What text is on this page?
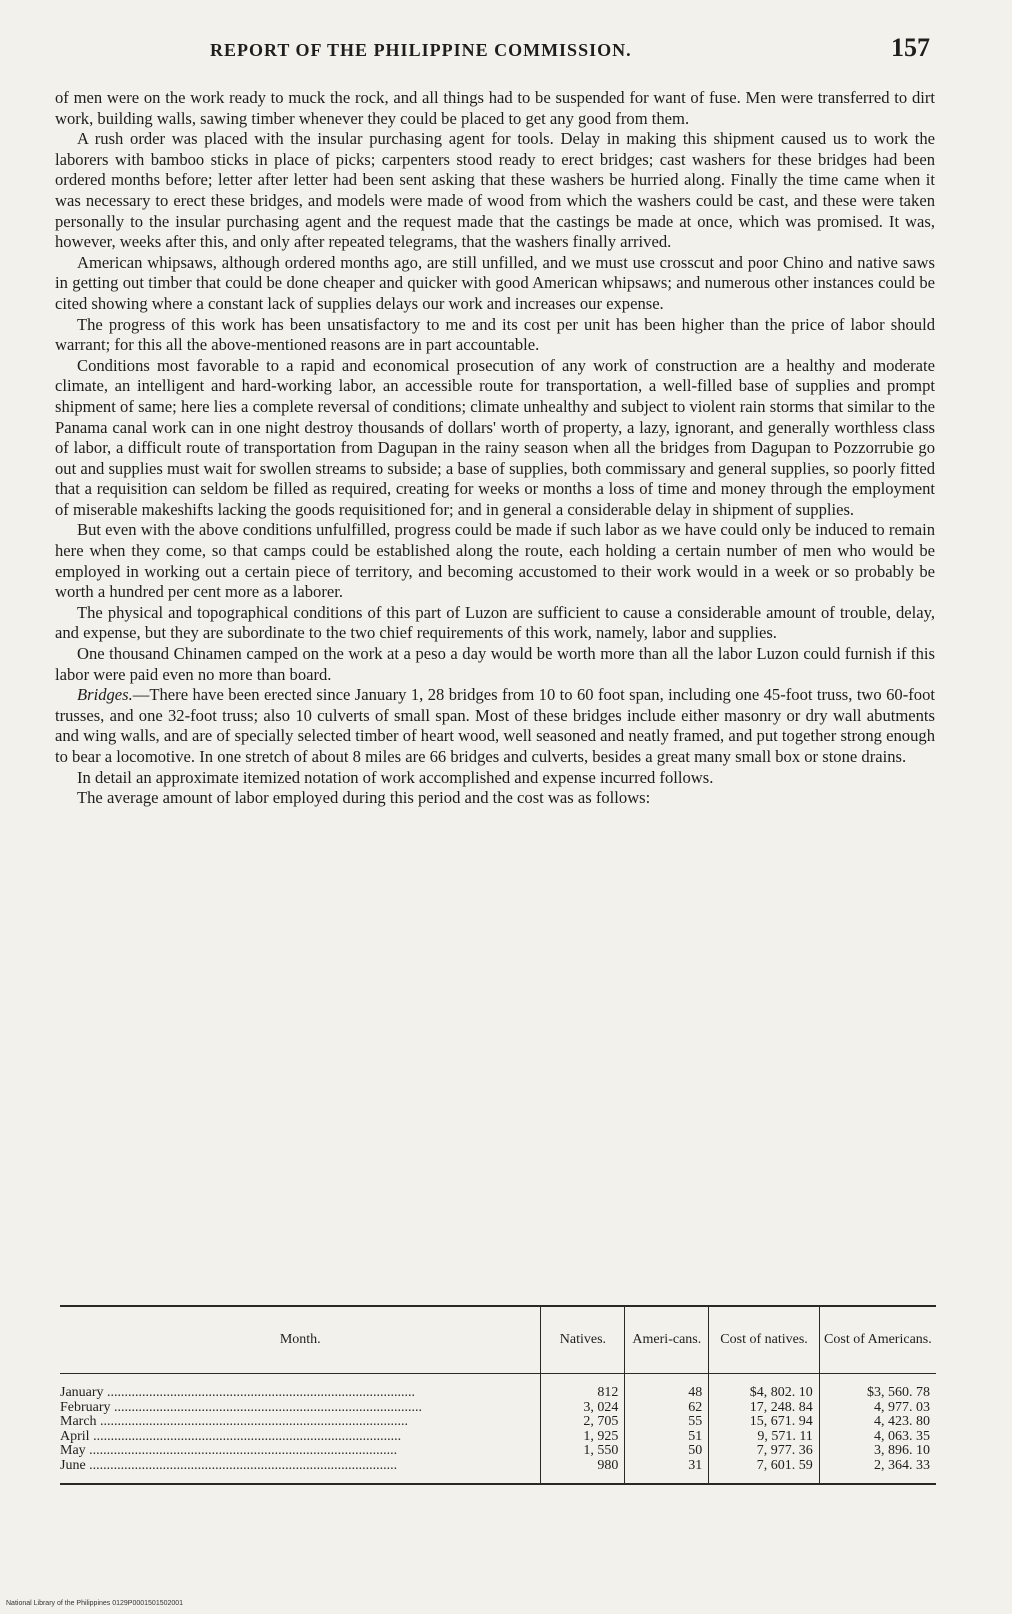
REPORT OF THE PHILIPPINE COMMISSION.	157

of men were on the work ready to muck the rock, and all things had to be suspended for want of fuse. Men were transferred to dirt work, building walls, sawing timber whenever they could be placed to get any good from them.

A rush order was placed with the insular purchasing agent for tools. Delay in making this shipment caused us to work the laborers with bamboo sticks in place of picks; carpenters stood ready to erect bridges; cast washers for these bridges had been ordered months before; letter after letter had been sent asking that these washers be hurried along. Finally the time came when it was necessary to erect these bridges, and models were made of wood from which the washers could be cast, and these were taken personally to the insular purchasing agent and the request made that the castings be made at once, which was promised. It was, however, weeks after this, and only after repeated telegrams, that the washers finally arrived.

American whipsaws, although ordered months ago, are still unfilled, and we must use crosscut and poor Chino and native saws in getting out timber that could be done cheaper and quicker with good American whipsaws; and numerous other instances could be cited showing where a constant lack of supplies delays our work and increases our expense.

The progress of this work has been unsatisfactory to me and its cost per unit has been higher than the price of labor should warrant; for this all the above-mentioned reasons are in part accountable.

Conditions most favorable to a rapid and economical prosecution of any work of construction are a healthy and moderate climate, an intelligent and hard-working labor, an accessible route for transportation, a well-filled base of supplies and prompt shipment of same; here lies a complete reversal of conditions; climate unhealthy and subject to violent rain storms that similar to the Panama canal work can in one night destroy thousands of dollars' worth of property, a lazy, ignorant, and generally worthless class of labor, a difficult route of transportation from Dagupan in the rainy season when all the bridges from Dagupan to Pozzorrubie go out and supplies must wait for swollen streams to subside; a base of supplies, both commissary and general supplies, so poorly fitted that a requisition can seldom be filled as required, creating for weeks or months a loss of time and money through the employment of miserable makeshifts lacking the goods requisitioned for; and in general a considerable delay in shipment of supplies.

But even with the above conditions unfulfilled, progress could be made if such labor as we have could only be induced to remain here when they come, so that camps could be established along the route, each holding a certain number of men who would be employed in working out a certain piece of territory, and becoming accustomed to their work would in a week or so probably be worth a hundred per cent more as a laborer.

The physical and topographical conditions of this part of Luzon are sufficient to cause a considerable amount of trouble, delay, and expense, but they are subordinate to the two chief requirements of this work, namely, labor and supplies.

One thousand Chinamen camped on the work at a peso a day would be worth more than all the labor Luzon could furnish if this labor were paid even no more than board.

Bridges.—There have been erected since January 1, 28 bridges from 10 to 60 foot span, including one 45-foot truss, two 60-foot trusses, and one 32-foot truss; also 10 culverts of small span. Most of these bridges include either masonry or dry wall abutments and wing walls, and are of specially selected timber of heart wood, well seasoned and neatly framed, and put together strong enough to bear a locomotive. In one stretch of about 8 miles are 66 bridges and culverts, besides a great many small box or stone drains.

In detail an approximate itemized notation of work accomplished and expense incurred follows.

The average amount of labor employed during this period and the cost was as follows:

Month.	Natives.	Ameri-cans.	Cost of natives.	Cost of Americans.
January .....	812	48	$4, 802. 10	$3, 560. 78
February .....	3, 024	62	17, 248. 84	4, 977. 03
March .....	2, 705	55	15, 671. 94	4, 423. 80
April .....	1, 925	51	9, 571. 11	4, 063. 35
May .....	1, 550	50	7, 977. 36	3, 896. 10
June .....	980	31	7, 601. 59	2, 364. 33
National Library of the Philippines 0129P0001501502001
